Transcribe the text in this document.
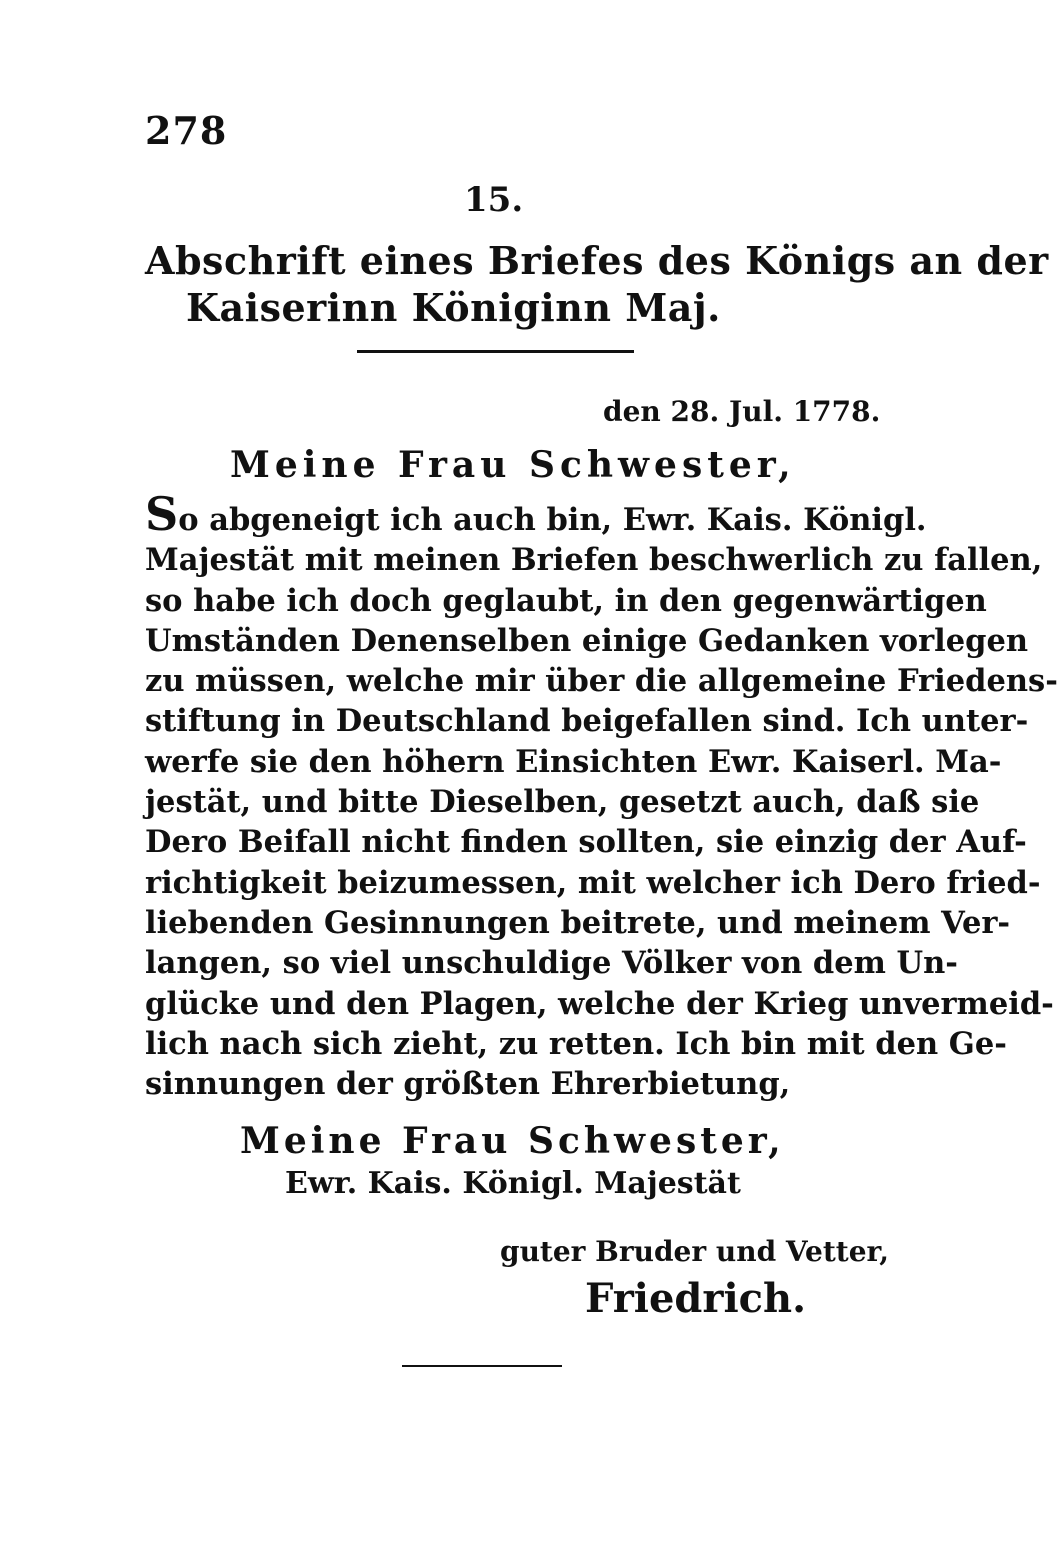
278
15.
Abschrift eines Briefes des Königs an der
Kaiserinn Königinn Maj.
den 28. Jul. 1778.
Meine Frau Schwester,
So abgeneigt ich auch bin, Ewr. Kais. Königl.
Majestät mit meinen Briefen beschwerlich zu fallen,
so habe ich doch geglaubt, in den gegenwärtigen
Umständen Denenselben einige Gedanken vorlegen
zu müssen, welche mir über die allgemeine Friedens-
stiftung in Deutschland beigefallen sind. Ich unter-
werfe sie den höhern Einsichten Ewr. Kaiserl. Ma-
jestät, und bitte Dieselben, gesetzt auch, daß sie
Dero Beifall nicht finden sollten, sie einzig der Auf-
richtigkeit beizumessen, mit welcher ich Dero fried-
liebenden Gesinnungen beitrete, und meinem Ver-
langen, so viel unschuldige Völker von dem Un-
glücke und den Plagen, welche der Krieg unvermeid-
lich nach sich zieht, zu retten. Ich bin mit den Ge-
sinnungen der größten Ehrerbietung,
Meine Frau Schwester,
Ewr. Kais. Königl. Majestät
guter Bruder und Vetter,
Friedrich.
